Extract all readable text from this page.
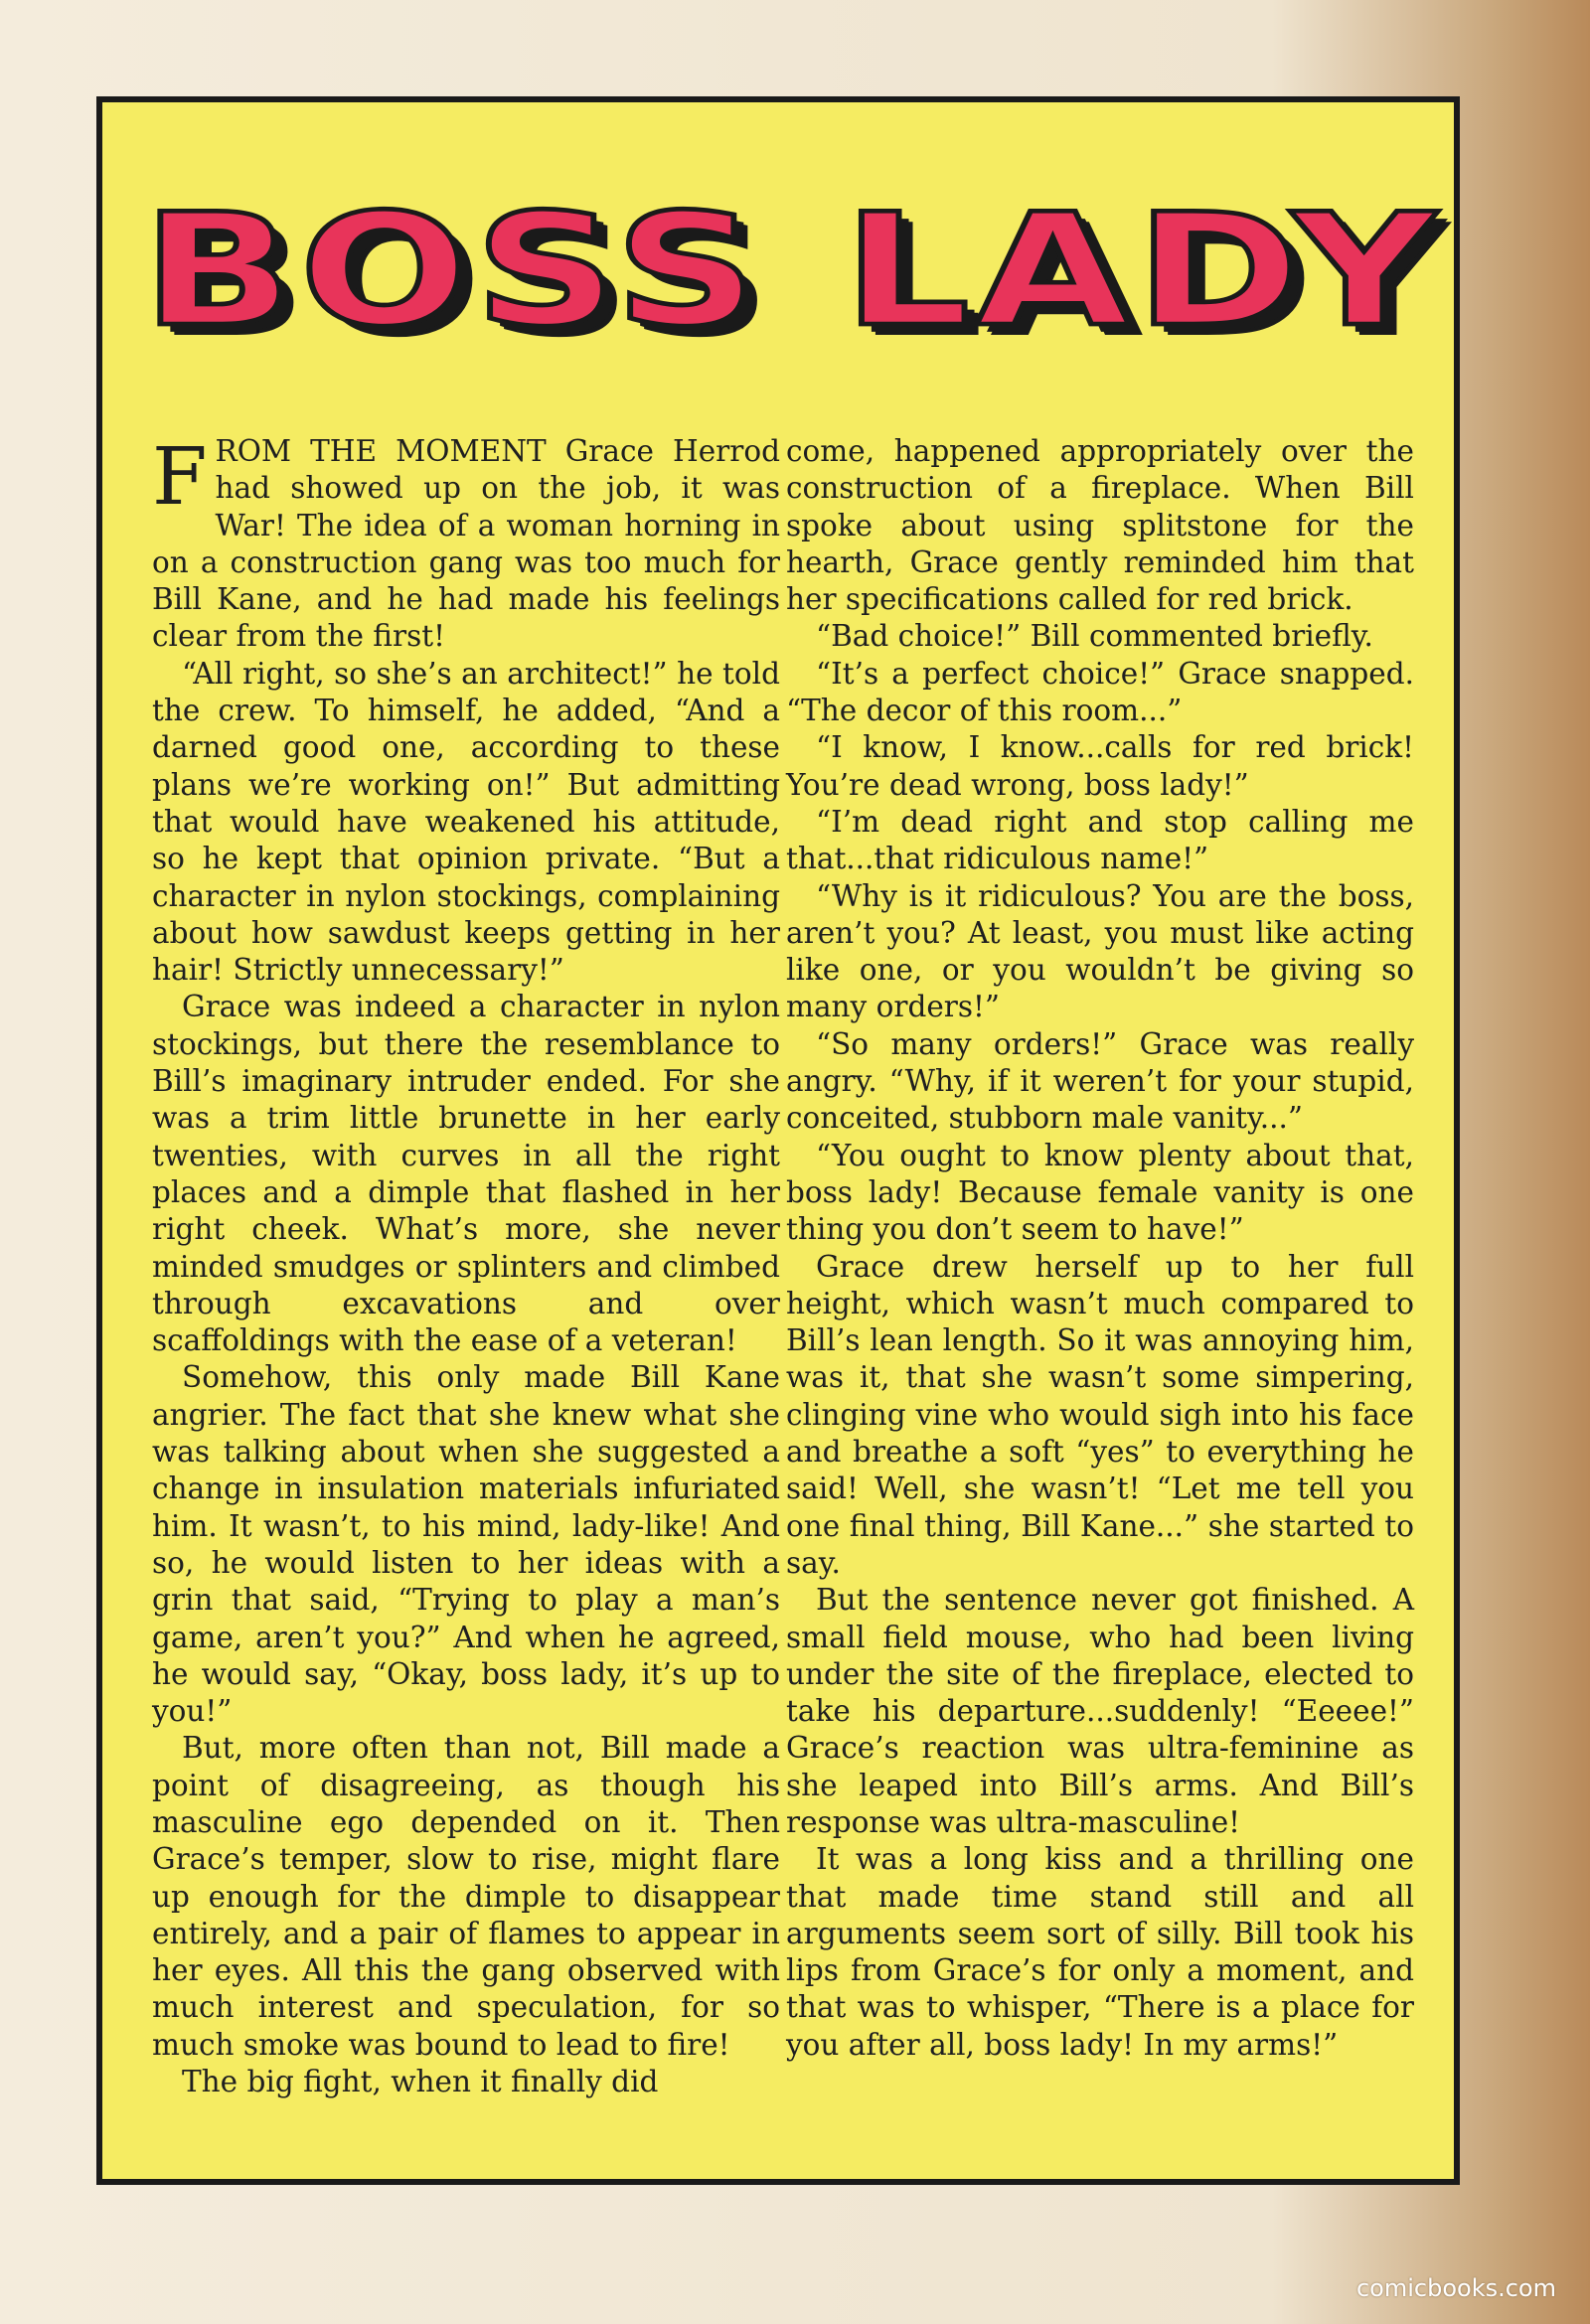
BOSS LADY

FROM THE MOMENT Grace Herrod had showed up on the job, it was War! The idea of a woman horning in on a construction gang was too much for Bill Kane, and he had made his feelings clear from the first!

“All right, so she’s an architect!” he told the crew. To himself, he added, “And a darned good one, according to these plans we’re working on!” But admitting that would have weakened his attitude, so he kept that opinion private. “But a character in nylon stockings, complaining about how sawdust keeps getting in her hair! Strictly unnecessary!”

Grace was indeed a character in nylon stockings, but there the resemblance to Bill’s imaginary intruder ended. For she was a trim little brunette in her early twenties, with curves in all the right places and a dimple that flashed in her right cheek. What’s more, she never minded smudges or splinters and climbed through excavations and over scaffoldings with the ease of a veteran!

Somehow, this only made Bill Kane angrier. The fact that she knew what she was talking about when she suggested a change in insulation materials infuriated him. It wasn’t, to his mind, lady-like! And so, he would listen to her ideas with a grin that said, “Trying to play a man’s game, aren’t you?” And when he agreed, he would say, “Okay, boss lady, it’s up to you!”

But, more often than not, Bill made a point of disagreeing, as though his masculine ego depended on it. Then Grace’s temper, slow to rise, might flare up enough for the dimple to disappear entirely, and a pair of flames to appear in her eyes. All this the gang observed with much interest and speculation, for so much smoke was bound to lead to fire!

The big fight, when it finally did

come, happened appropriately over the construction of a fireplace. When Bill spoke about using splitstone for the hearth, Grace gently reminded him that her specifications called for red brick.

“Bad choice!” Bill commented briefly.

“It’s a perfect choice!” Grace snapped. “The decor of this room...”

“I know, I know...calls for red brick! You’re dead wrong, boss lady!”

“I’m dead right and stop calling me that...that ridiculous name!”

“Why is it ridiculous? You are the boss, aren’t you? At least, you must like acting like one, or you wouldn’t be giving so many orders!”

“So many orders!” Grace was really angry. “Why, if it weren’t for your stupid, conceited, stubborn male vanity...”

“You ought to know plenty about that, boss lady! Because female vanity is one thing you don’t seem to have!”

Grace drew herself up to her full height, which wasn’t much compared to Bill’s lean length. So it was annoying him, was it, that she wasn’t some simpering, clinging vine who would sigh into his face and breathe a soft “yes” to everything he said! Well, she wasn’t! “Let me tell you one final thing, Bill Kane...” she started to say.

But the sentence never got finished. A small field mouse, who had been living under the site of the fireplace, elected to take his departure...suddenly! “Eeeee!” Grace’s reaction was ultra-feminine as she leaped into Bill’s arms. And Bill’s response was ultra-masculine!

It was a long kiss and a thrilling one that made time stand still and all arguments seem sort of silly. Bill took his lips from Grace’s for only a moment, and that was to whisper, “There is a place for you after all, boss lady! In my arms!”

comicbooks.com
